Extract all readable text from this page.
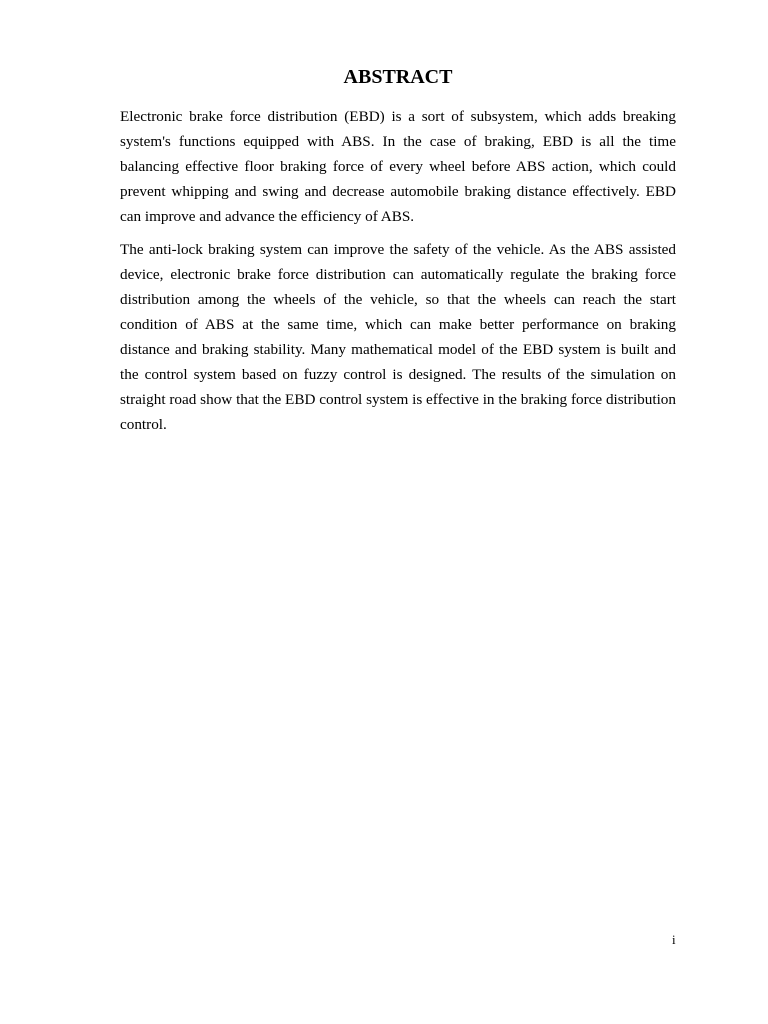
ABSTRACT

Electronic brake force distribution (EBD) is a sort of subsystem, which adds breaking system's functions equipped with ABS. In the case of braking, EBD is all the time balancing effective floor braking force of every wheel before ABS action, which could prevent whipping and swing and decrease automobile braking distance effectively. EBD can improve and advance the efficiency of ABS.

The anti-lock braking system can improve the safety of the vehicle. As the ABS assisted device, electronic brake force distribution can automatically regulate the braking force distribution among the wheels of the vehicle, so that the wheels can reach the start condition of ABS at the same time, which can make better performance on braking distance and braking stability. Many mathematical model of the EBD system is built and the control system based on fuzzy control is designed. The results of the simulation on straight road show that the EBD control system is effective in the braking force distribution control.

i
